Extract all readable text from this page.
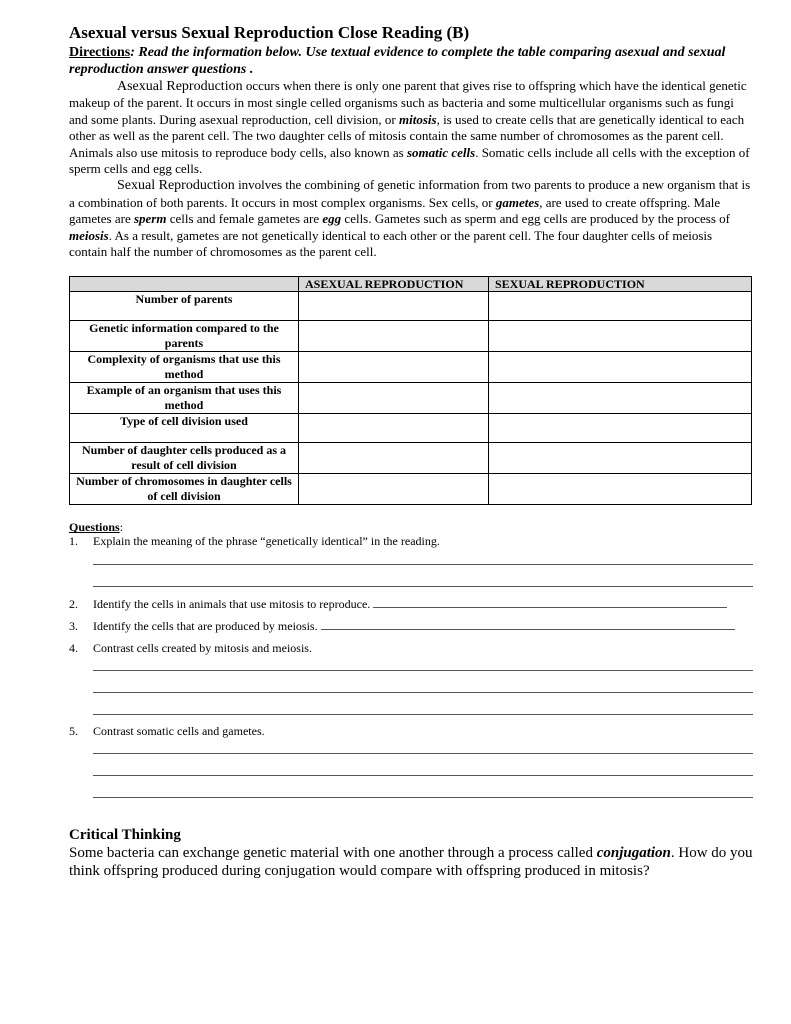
Asexual versus Sexual Reproduction Close Reading (B)

Directions: Read the information below. Use textual evidence to complete the table comparing asexual and sexual reproduction answer questions .

Asexual Reproduction occurs when there is only one parent that gives rise to offspring which have the identical genetic makeup of the parent. It occurs in most single celled organisms such as bacteria and some multicellular organisms such as fungi and some plants. During asexual reproduction, cell division, or mitosis, is used to create cells that are genetically identical to each other as well as the parent cell. The two daughter cells of mitosis contain the same number of chromosomes as the parent cell. Animals also use mitosis to reproduce body cells, also known as somatic cells. Somatic cells include all cells with the exception of sperm cells and egg cells.

Sexual Reproduction involves the combining of genetic information from two parents to produce a new organism that is a combination of both parents. It occurs in most complex organisms. Sex cells, or gametes, are used to create offspring. Male gametes are sperm cells and female gametes are egg cells. Gametes such as sperm and egg cells are produced by the process of meiosis. As a result, gametes are not genetically identical to each other or the parent cell. The four daughter cells of meiosis contain half the number of chromosomes as the parent cell.

	ASEXUAL REPRODUCTION	SEXUAL REPRODUCTION
Number of parents		
Genetic information compared to the parents		
Complexity of organisms that use this method		
Example of an organism that uses this method		
Type of cell division used		
Number of daughter cells produced as a result of cell division		
Number of chromosomes in daughter cells of cell division		
Questions:
1. Explain the meaning of the phrase “genetically identical” in the reading.
2. Identify the cells in animals that use mitosis to reproduce.
3. Identify the cells that are produced by meiosis.
4. Contrast cells created by mitosis and meiosis.
5. Contrast somatic cells and gametes.

Critical Thinking

Some bacteria can exchange genetic material with one another through a process called conjugation. How do you think offspring produced during conjugation would compare with offspring produced in mitosis?
